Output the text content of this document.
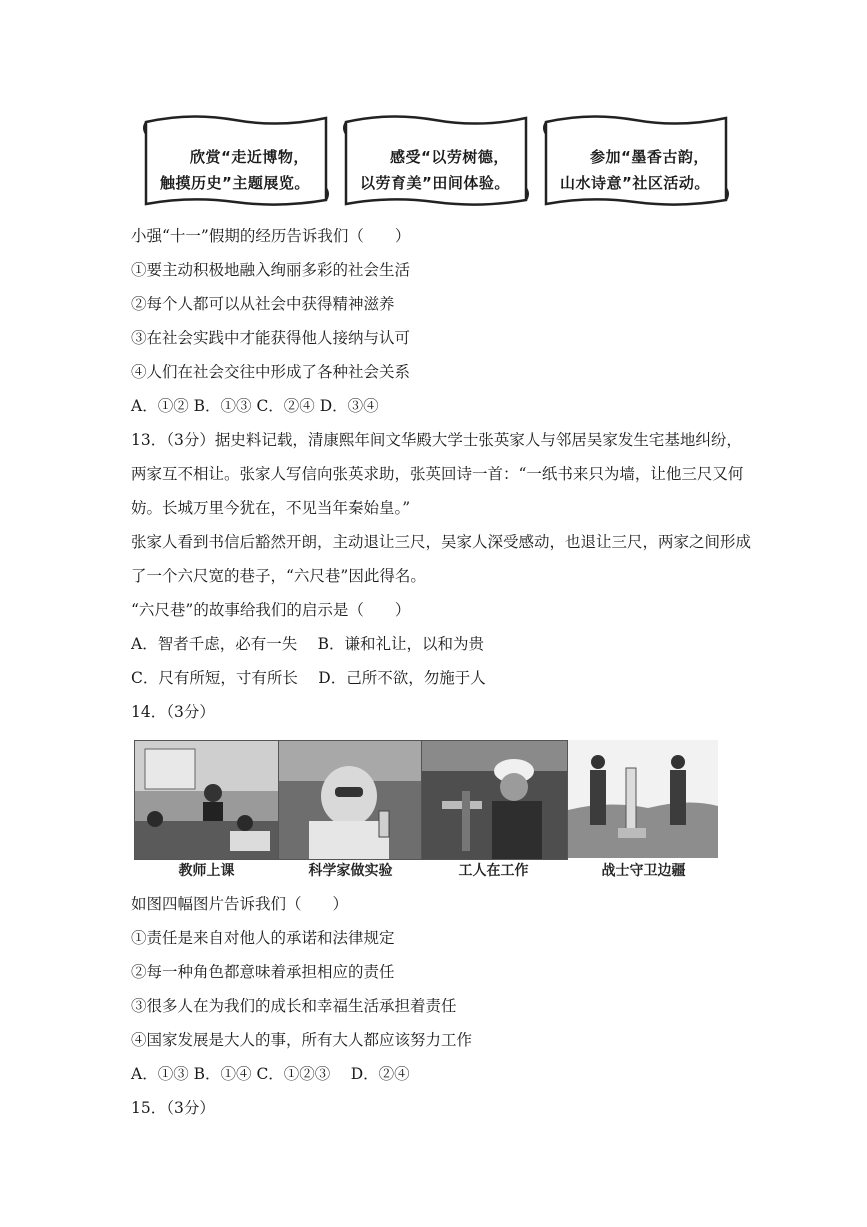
欣赏“走近博物，触摸历史”主题展览。
感受“以劳树德，以劳育美”田间体验。
参加“墨香古韵，山水诗意”社区活动。
小强“十一”假期的经历告诉我们（　　）
①要主动积极地融入绚丽多彩的社会生活
②每个人都可以从社会中获得精神滋养
③在社会实践中才能获得他人接纳与认可
④人们在社会交往中形成了各种社会关系
A．①② B．①③ C．②④ D．③④
13．（3分）据史料记载，清康熙年间文华殿大学士张英家人与邻居吴家发生宅基地纠纷，
两家互不相让。张家人写信向张英求助，张英回诗一首：“一纸书来只为墙，让他三尺又何
妨。长城万里今犹在，不见当年秦始皇。”
张家人看到书信后豁然开朗，主动退让三尺，吴家人深受感动，也退让三尺，两家之间形成
了一个六尺宽的巷子，“六尺巷”因此得名。
“六尺巷”的故事给我们的启示是（　　）
A．智者千虑，必有一失　 B．谦和礼让，以和为贵
C．尺有所短，寸有所长　 D．己所不欲，勿施于人
14．（3分）
教师上课	科学家做实验	工人在工作	战士守卫边疆
如图四幅图片告诉我们（　　）
①责任是来自对他人的承诺和法律规定
②每一种角色都意味着承担相应的责任
③很多人在为我们的成长和幸福生活承担着责任
④国家发展是大人的事，所有大人都应该努力工作
A．①③ B．①④ C．①②③　 D．②④
15．（3分）
